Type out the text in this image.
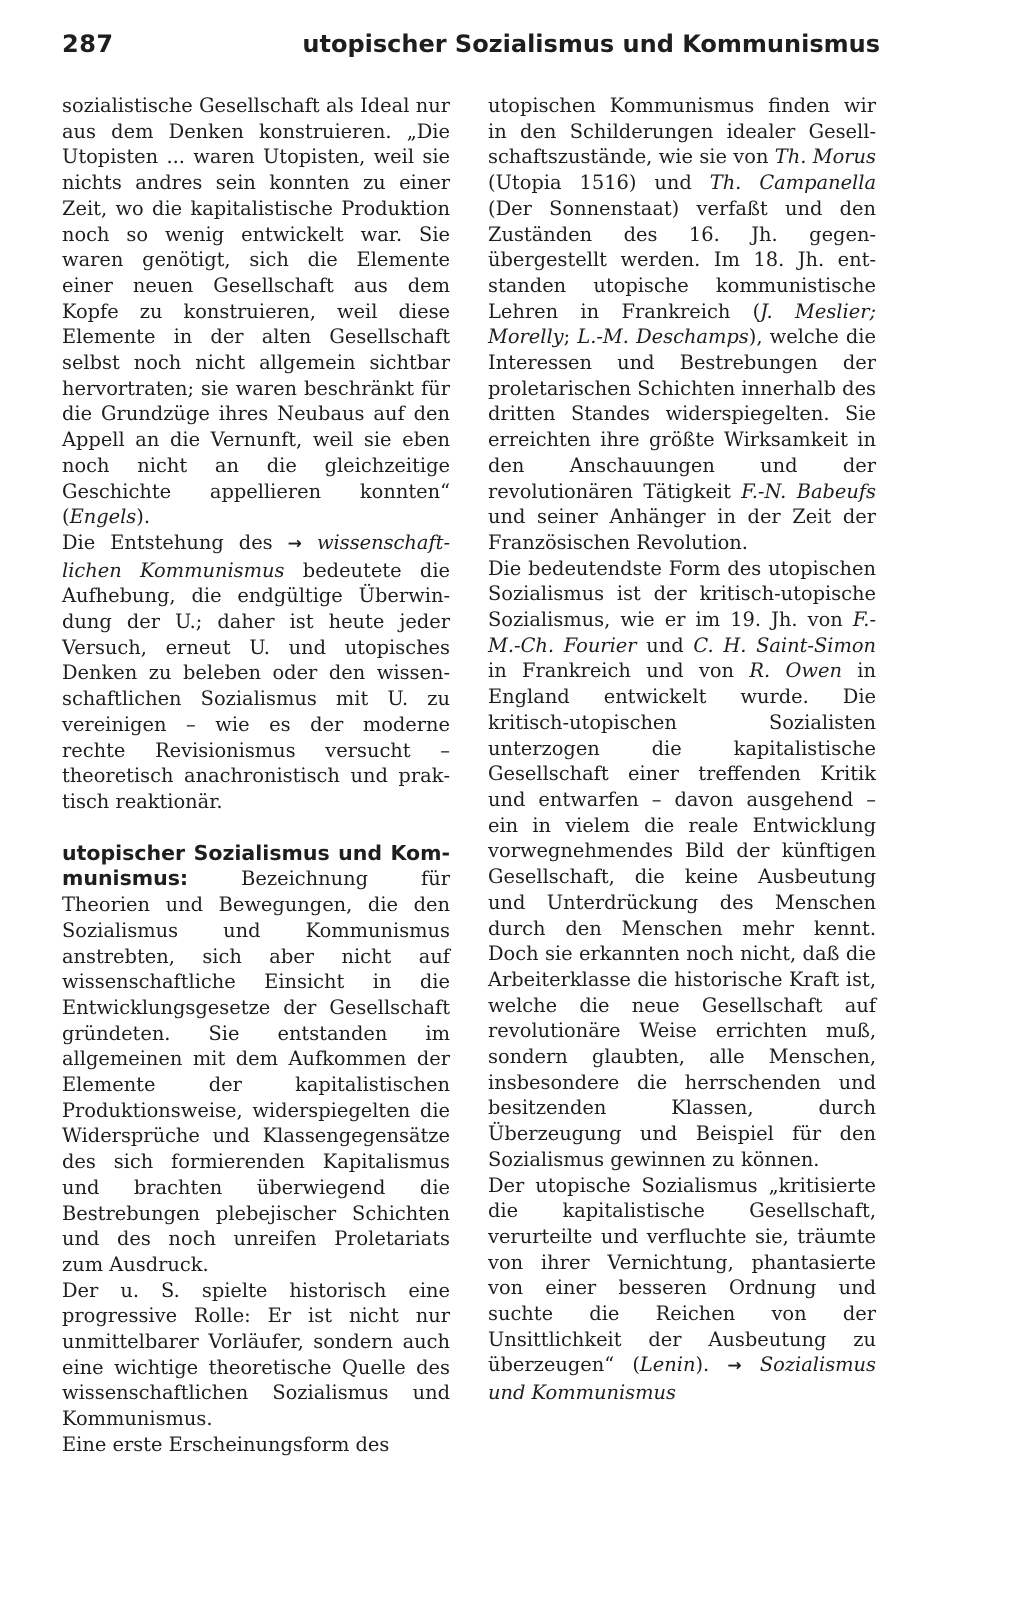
287	utopischer Sozialismus und Kommunismus

sozialistische Gesellschaft als Ideal nur aus dem Denken konstruieren. „Die Utopisten ... waren Utopisten, weil sie nichts andres sein konnten zu einer Zeit, wo die kapitalistische Produktion noch so wenig entwickelt war. Sie waren genötigt, sich die Elemente einer neuen Gesellschaft aus dem Kopfe zu konstruieren, weil diese Elemente in der alten Gesellschaft selbst noch nicht allgemein sichtbar hervortraten; sie waren beschränkt für die Grundzüge ihres Neubaus auf den Appell an die Vernunft, weil sie eben noch nicht an die gleichzeitige Geschichte appellieren konnten“ (Engels).

Die Entstehung des → wissenschaftlichen Kommunismus bedeutete die Aufhebung, die endgültige Überwindung der U.; daher ist heute jeder Versuch, erneut U. und utopisches Denken zu beleben oder den wissenschaftlichen Sozialismus mit U. zu vereinigen – wie es der moderne rechte Revisionismus versucht – theoretisch anachronistisch und praktisch reaktionär.

utopischer Sozialismus und Kommunismus: Bezeichnung für Theorien und Bewegungen, die den Sozialismus und Kommunismus anstrebten, sich aber nicht auf wissenschaftliche Einsicht in die Entwicklungsgesetze der Gesellschaft gründeten. Sie entstanden im allgemeinen mit dem Aufkommen der Elemente der kapitalistischen Produktionsweise, widerspiegelten die Widersprüche und Klassengegensätze des sich formierenden Kapitalismus und brachten überwiegend die Bestrebungen plebejischer Schichten und des noch unreifen Proletariats zum Ausdruck.

Der u. S. spielte historisch eine progressive Rolle: Er ist nicht nur unmittelbarer Vorläufer, sondern auch eine wichtige theoretische Quelle des wissenschaftlichen Sozialismus und Kommunismus.

Eine erste Erscheinungsform des

utopischen Kommunismus finden wir in den Schilderungen idealer Gesellschaftszustände, wie sie von Th. Morus (Utopia 1516) und Th. Campanella (Der Sonnenstaat) verfaßt und den Zuständen des 16. Jh. gegenübergestellt werden. Im 18. Jh. entstanden utopische kommunistische Lehren in Frankreich (J. Meslier; Morelly; L.-M. Deschamps), welche die Interessen und Bestrebungen der proletarischen Schichten innerhalb des dritten Standes widerspiegelten. Sie erreichten ihre größte Wirksamkeit in den Anschauungen und der revolutionären Tätigkeit F.-N. Babeufs und seiner Anhänger in der Zeit der Französischen Revolution.

Die bedeutendste Form des utopischen Sozialismus ist der kritisch-utopische Sozialismus, wie er im 19. Jh. von F.-M.-Ch. Fourier und C. H. Saint-Simon in Frankreich und von R. Owen in England entwickelt wurde. Die kritisch-utopischen Sozialisten unterzogen die kapitalistische Gesellschaft einer treffenden Kritik und entwarfen – davon ausgehend – ein in vielem die reale Entwicklung vorwegnehmendes Bild der künftigen Gesellschaft, die keine Ausbeutung und Unterdrückung des Menschen durch den Menschen mehr kennt. Doch sie erkannten noch nicht, daß die Arbeiterklasse die historische Kraft ist, welche die neue Gesellschaft auf revolutionäre Weise errichten muß, sondern glaubten, alle Menschen, insbesondere die herrschenden und besitzenden Klassen, durch Überzeugung und Beispiel für den Sozialismus gewinnen zu können.

Der utopische Sozialismus „kritisierte die kapitalistische Gesellschaft, verurteilte und verfluchte sie, träumte von ihrer Vernichtung, phantasierte von einer besseren Ordnung und suchte die Reichen von der Unsittlichkeit der Ausbeutung zu überzeugen“ (Lenin). → Sozialismus und Kommunismus
